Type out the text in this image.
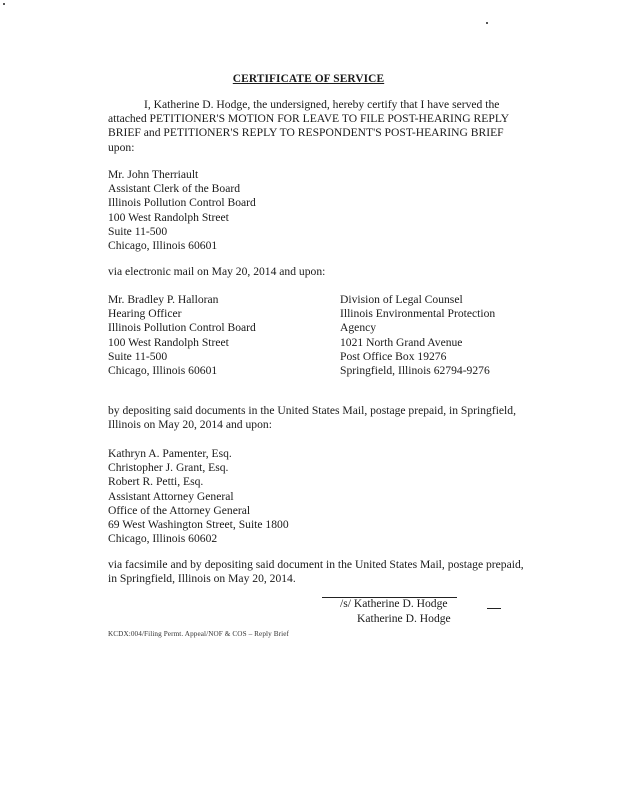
CERTIFICATE OF SERVICE
I, Katherine D. Hodge, the undersigned, hereby certify that I have served the
attached PETITIONER'S MOTION FOR LEAVE TO FILE POST-HEARING REPLY
BRIEF and PETITIONER'S REPLY TO RESPONDENT'S POST-HEARING BRIEF
upon:
Mr. John Therriault
Assistant Clerk of the Board
Illinois Pollution Control Board
100 West Randolph Street
Suite 11-500
Chicago, Illinois 60601
via electronic mail on May 20, 2014 and upon:
Mr. Bradley P. Halloran
Hearing Officer
Illinois Pollution Control Board
100 West Randolph Street
Suite 11-500
Chicago, Illinois 60601
Division of Legal Counsel
Illinois Environmental Protection
Agency
1021 North Grand Avenue
Post Office Box 19276
Springfield, Illinois 62794-9276
by depositing said documents in the United States Mail, postage prepaid, in Springfield,
Illinois on May 20, 2014 and upon:
Kathryn A. Pamenter, Esq.
Christopher J. Grant, Esq.
Robert R. Petti, Esq.
Assistant Attorney General
Office of the Attorney General
69 West Washington Street, Suite 1800
Chicago, Illinois 60602
via facsimile and by depositing said document in the United States Mail, postage prepaid,
in Springfield, Illinois on May 20, 2014.
/s/ Katherine D. Hodge
Katherine D. Hodge
KCDX:004/Filing Permt. Appeal/NOF & COS – Reply Brief
